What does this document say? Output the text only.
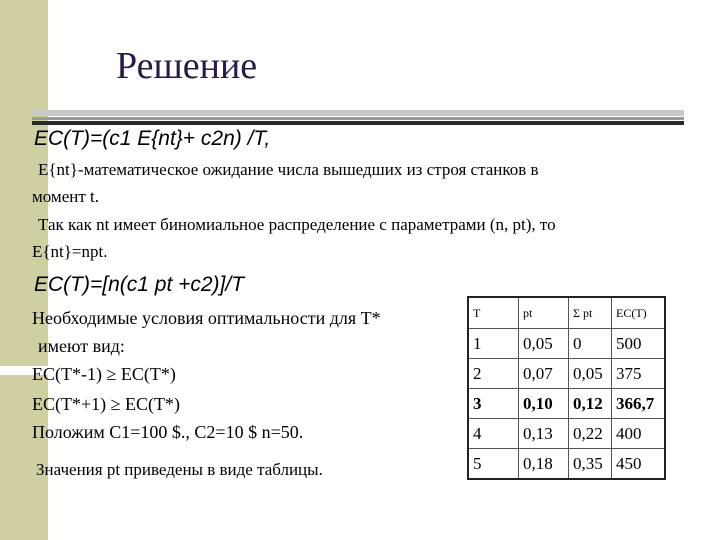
Решение
EC(T)=(c1 E{nt}+ c2n) /T,
E{nt}-математическое ожидание числа вышедших из строя станков в
момент t.
Так как nt имеет биномиальное распределение с параметрами (n, pt), то
E{nt}=npt.
EC(T)=[n(c1 pt +c2)]/T
Необходимые условия оптимальности для T*
имеют вид:
EC(T*-1) ≥ EC(T*)
EC(T*+1) ≥ EC(T*)
Положим C1=100 $., C2=10 $ n=50.
Значения pt приведены в виде таблицы.
T	pt	Σ pt	EC(T)
1	0,05	0	500
2	0,07	0,05	375
3	0,10	0,12	366,7
4	0,13	0,22	400
5	0,18	0,35	450
